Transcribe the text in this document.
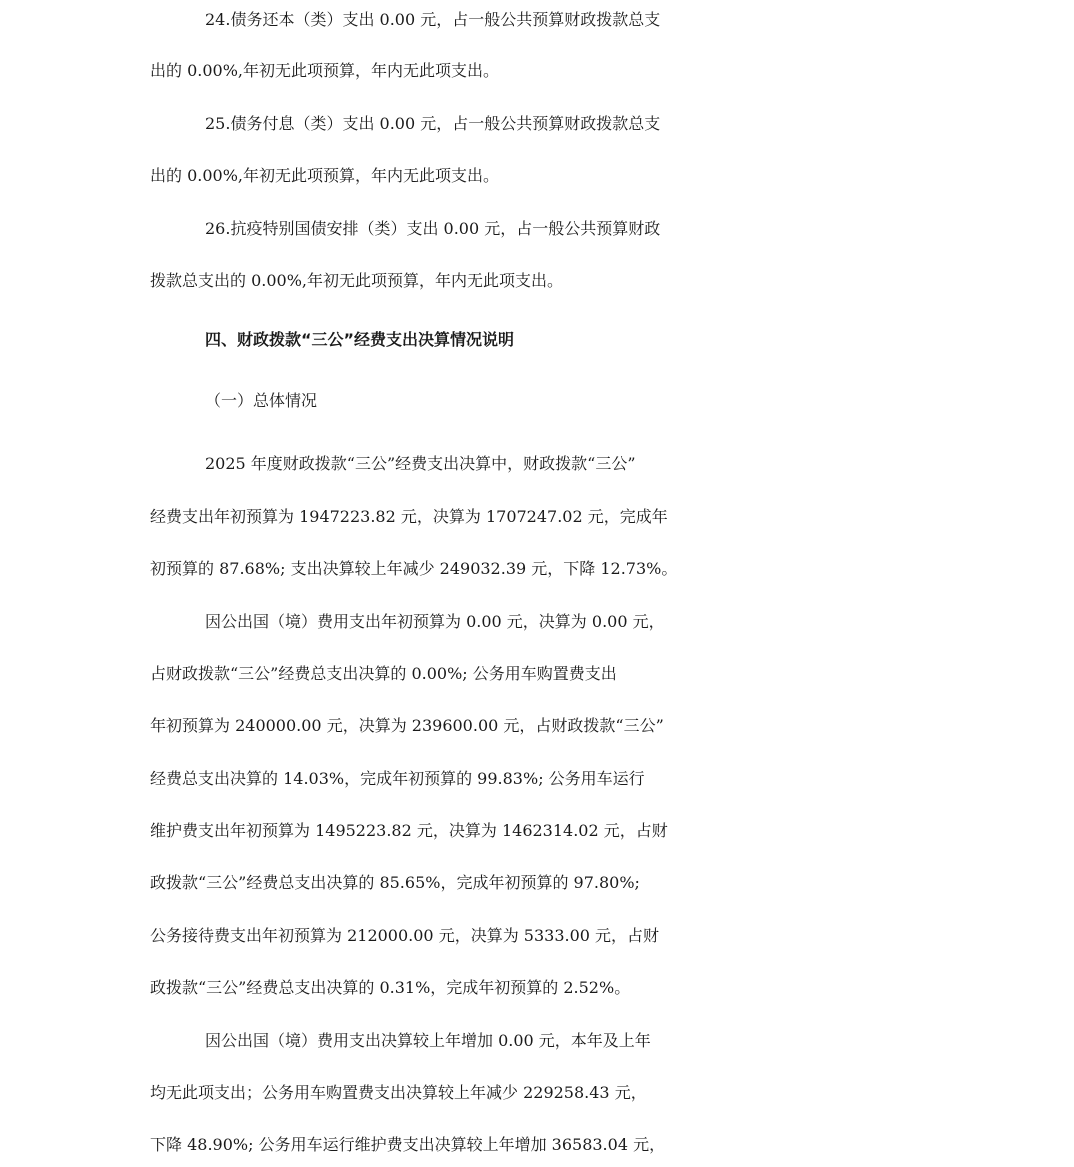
24.债务还本（类）支出 0.00 元，占一般公共预算财政拨款总支
出的 0.00%,年初无此项预算，年内无此项支出。
25.债务付息（类）支出 0.00 元，占一般公共预算财政拨款总支
出的 0.00%,年初无此项预算，年内无此项支出。
26.抗疫特别国债安排（类）支出 0.00 元，占一般公共预算财政
拨款总支出的 0.00%,年初无此项预算，年内无此项支出。
四、财政拨款“三公”经费支出决算情况说明
（一）总体情况
2025 年度财政拨款“三公”经费支出决算中，财政拨款“三公”
经费支出年初预算为 1947223.82 元，决算为 1707247.02 元，完成年
初预算的 87.68%; 支出决算较上年减少 249032.39 元，下降 12.73%。
因公出国（境）费用支出年初预算为 0.00 元，决算为 0.00 元，
占财政拨款“三公”经费总支出决算的 0.00%; 公务用车购置费支出
年初预算为 240000.00 元，决算为 239600.00 元，占财政拨款“三公”
经费总支出决算的 14.03%，完成年初预算的 99.83%; 公务用车运行
维护费支出年初预算为 1495223.82 元，决算为 1462314.02 元，占财
政拨款“三公”经费总支出决算的 85.65%，完成年初预算的 97.80%;
公务接待费支出年初预算为 212000.00 元，决算为 5333.00 元，占财
政拨款“三公”经费总支出决算的 0.31%，完成年初预算的 2.52%。
因公出国（境）费用支出决算较上年增加 0.00 元，本年及上年
均无此项支出；公务用车购置费支出决算较上年减少 229258.43 元，
下降 48.90%; 公务用车运行维护费支出决算较上年增加 36583.04 元，
